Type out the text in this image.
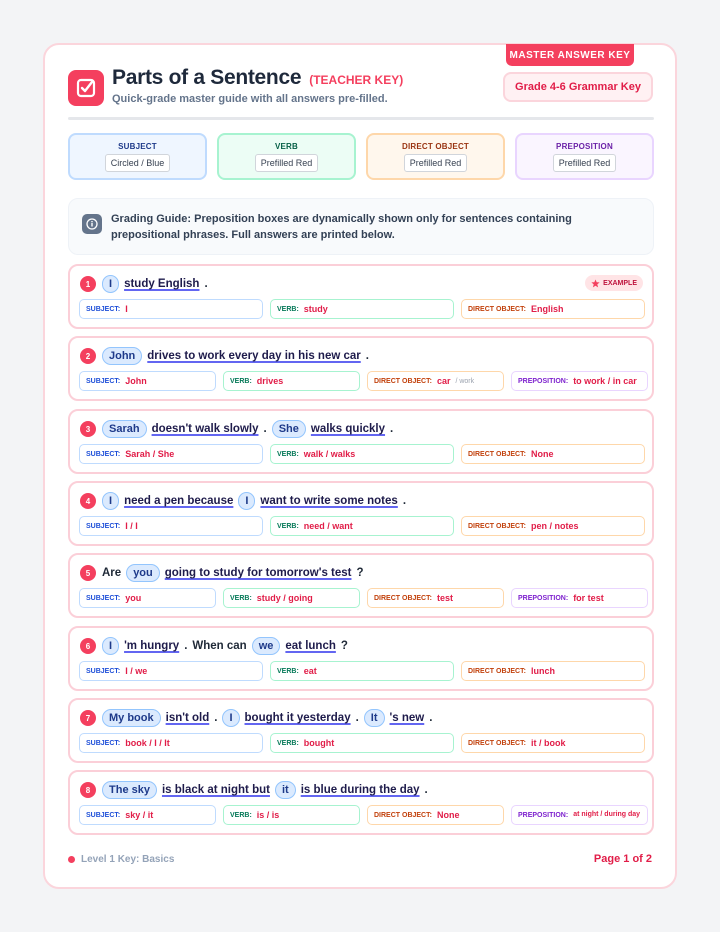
MASTER ANSWER KEY
Parts of a Sentence (TEACHER KEY)
Quick-grade master guide with all answers pre-filled.
Grade 4-6 Grammar Key
SUBJECT
Circled / Blue
VERB
Prefilled Red
DIRECT OBJECT
Prefilled Red
PREPOSITION
Prefilled Red
Grading Guide: Preposition boxes are dynamically shown only for sentences containing prepositional phrases. Full answers are printed below.
1	I	study English .	EXAMPLE
SUBJECT: I	VERB: study	DIRECT OBJECT: English
2	John	drives to work every day in his new car .
SUBJECT: John	VERB: drives	DIRECT OBJECT: car / work	PREPOSITION: to work / in car
3	Sarah	doesn't walk slowly .	She	walks quickly .
SUBJECT: Sarah / She	VERB: walk / walks	DIRECT OBJECT: None
4	I	need a pen because	I	want to write some notes .
SUBJECT: I / I	VERB: need / want	DIRECT OBJECT: pen / notes
5	Are	you	going to study for tomorrow's test ?
SUBJECT: you	VERB: study / going	DIRECT OBJECT: test	PREPOSITION: for test
6	I	'm hungry . When can	we	eat lunch ?
SUBJECT: I / we	VERB: eat	DIRECT OBJECT: lunch
7	My book	isn't old .	I	bought it yesterday .	It	's new .
SUBJECT: book / I / It	VERB: bought	DIRECT OBJECT: it / book
8	The sky	is black at night but	it	is blue during the day .
SUBJECT: sky / it	VERB: is / is	DIRECT OBJECT: None	PREPOSITION: at night / during day
Level 1 Key: Basics	Page 1 of 2
